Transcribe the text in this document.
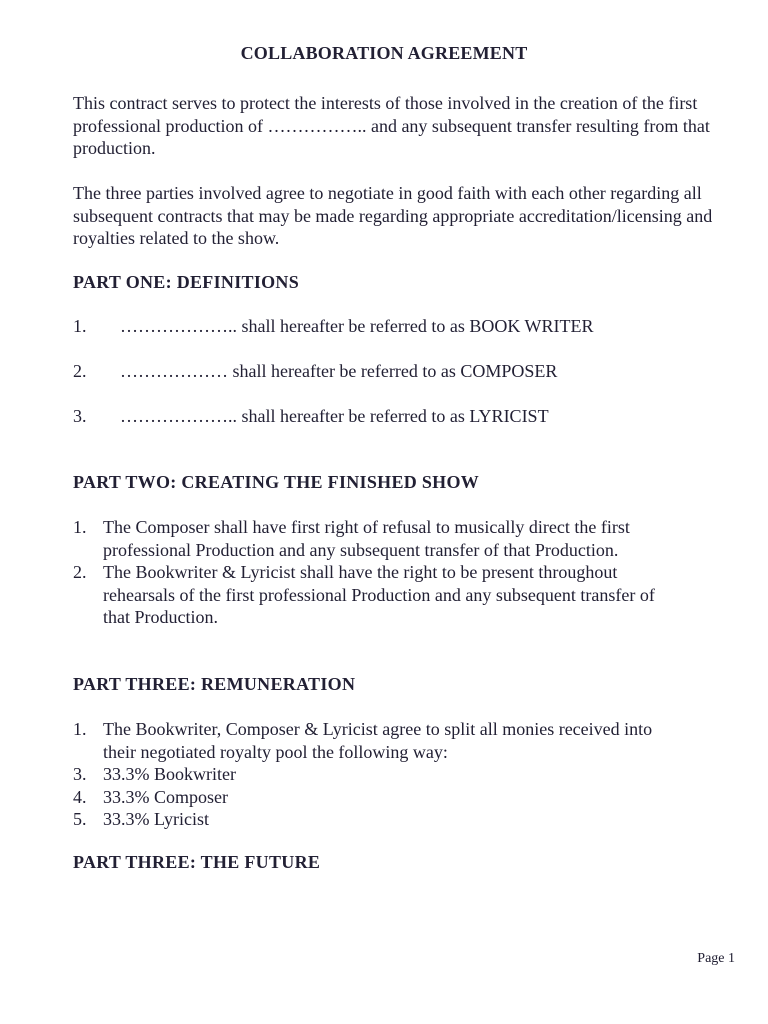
COLLABORATION AGREEMENT

This contract serves to protect the interests of those involved in the creation of the first professional production of …………….. and any subsequent transfer resulting from that production.

The three parties involved agree to negotiate in good faith with each other regarding all subsequent contracts that may be made regarding appropriate accreditation/licensing and royalties related to the show.

PART ONE: DEFINITIONS
1. ……………….. shall hereafter be referred to as BOOK WRITER
2. ……………… shall hereafter be referred to as COMPOSER
3. ……………….. shall hereafter be referred to as LYRICIST
PART TWO: CREATING THE FINISHED SHOW
1. The Composer shall have first right of refusal to musically direct the first professional Production and any subsequent transfer of that Production.
2. The Bookwriter & Lyricist shall have the right to be present throughout rehearsals of the first professional Production and any subsequent transfer of that Production.
PART THREE: REMUNERATION
1. The Bookwriter, Composer & Lyricist agree to split all monies received into their negotiated royalty pool the following way:
3. 33.3% Bookwriter
4. 33.3% Composer
5. 33.3% Lyricist
PART THREE: THE FUTURE
Page 1
